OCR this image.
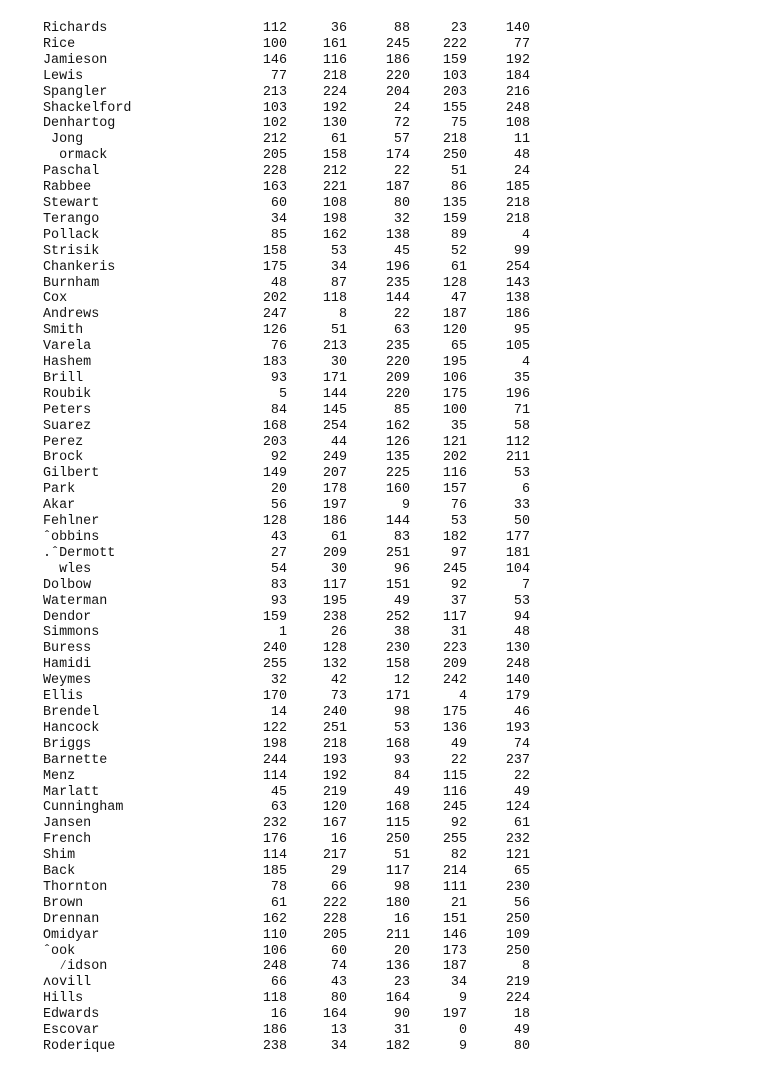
Richards	112	36	88	23	140
Rice	100	161	245	222	77
Jamieson	146	116	186	159	192
Lewis	77	218	220	103	184
Spangler	213	224	204	203	216
Shackelford	103	192	24	155	248
Denhartog	102	130	72	75	108
Jong	212	61	57	218	11
ormack	205	158	174	250	48
Paschal	228	212	22	51	24
Rabbee	163	221	187	86	185
Stewart	60	108	80	135	218
Terango	34	198	32	159	218
Pollack	85	162	138	89	4
Strisik	158	53	45	52	99
Chankeris	175	34	196	61	254
Burnham	48	87	235	128	143
Cox	202	118	144	47	138
Andrews	247	8	22	187	186
Smith	126	51	63	120	95
Varela	76	213	235	65	105
Hashem	183	30	220	195	4
Brill	93	171	209	106	35
Roubik	5	144	220	175	196
Peters	84	145	85	100	71
Suarez	168	254	162	35	58
Perez	203	44	126	121	112
Brock	92	249	135	202	211
Gilbert	149	207	225	116	53
Park	20	178	160	157	6
Akar	56	197	9	76	33
Fehlner	128	186	144	53	50
ˆobbins	43	61	83	182	177
.ˆDermott	27	209	251	97	181
ⱳles	54	30	96	245	104
Dolbow	83	117	151	92	7
Waterman	93	195	49	37	53
Dendor	159	238	252	117	94
Simmons	1	26	38	31	48
Buress	240	128	230	223	130
Hamidi	255	132	158	209	248
Weymes	32	42	12	242	140
Ellis	170	73	171	4	179
Brendel	14	240	98	175	46
Hancock	122	251	53	136	193
Briggs	198	218	168	49	74
Barnette	244	193	93	22	237
Menz	114	192	84	115	22
Marlatt	45	219	49	116	49
Cunningham	63	120	168	245	124
Jansen	232	167	115	92	61
French	176	16	250	255	232
Shim	114	217	51	82	121
Back	185	29	117	214	65
Thornton	78	66	98	111	230
Brown	61	222	180	21	56
Drennan	162	228	16	151	250
Omidyar	110	205	211	146	109
ˆook	106	60	20	173	250
⁄idson	248	74	136	187	8
ʌovill	66	43	23	34	219
Hills	118	80	164	9	224
Edwards	16	164	90	197	18
Escovar	186	13	31	0	49
Roderique	238	34	182	9	80
